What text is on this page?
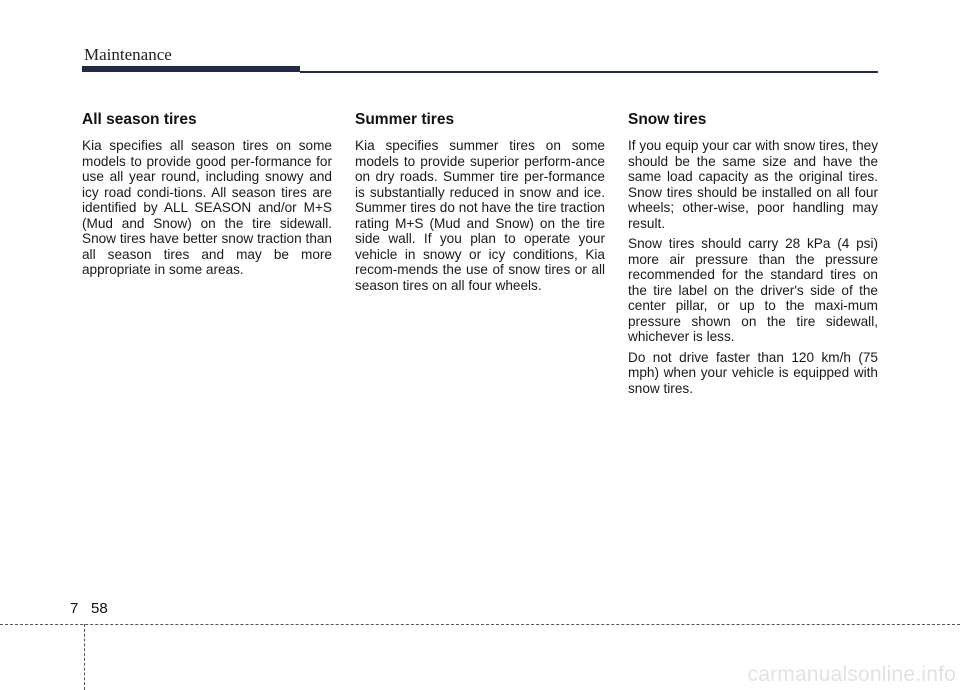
Maintenance
All season tires

Kia specifies all season tires on some models to provide good per-formance for use all year round, including snowy and icy road condi-tions. All season tires are identified by ALL SEASON and/or M+S (Mud and Snow) on the tire sidewall. Snow tires have better snow traction than all season tires and may be more appropriate in some areas.

Summer tires

Kia specifies summer tires on some models to provide superior perform-ance on dry roads. Summer tire per-formance is substantially reduced in snow and ice. Summer tires do not have the tire traction rating M+S (Mud and Snow) on the tire side wall. If you plan to operate your vehicle in snowy or icy conditions, Kia recom-mends the use of snow tires or all season tires on all four wheels.

Snow tires

If you equip your car with snow tires, they should be the same size and have the same load capacity as the original tires. Snow tires should be installed on all four wheels; other-wise, poor handling may result.

Snow tires should carry 28 kPa (4 psi) more air pressure than the pressure recommended for the standard tires on the tire label on the driver's side of the center pillar, or up to the maxi-mum pressure shown on the tire sidewall, whichever is less.

Do not drive faster than 120 km/h (75 mph) when your vehicle is equipped with snow tires.

7 58
carmanualsonline.info
